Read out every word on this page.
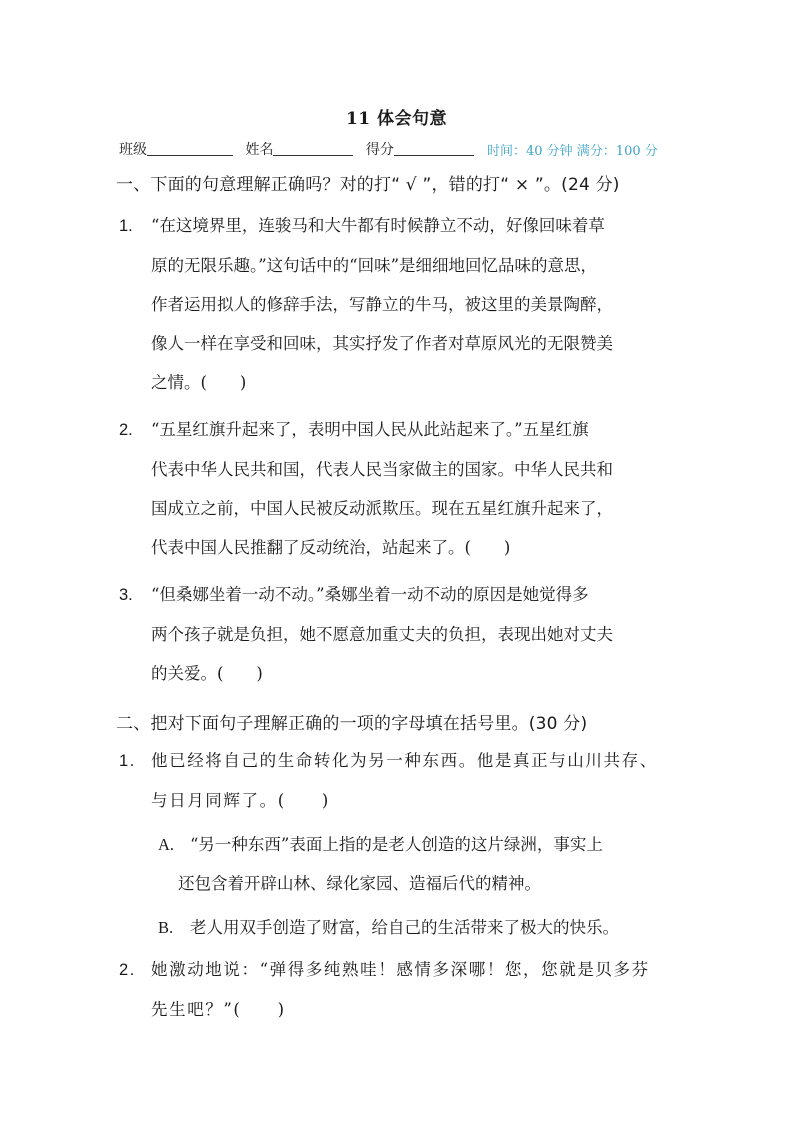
11 体会句意
班级	姓名	得分	时间：40 分钟 满分：100 分
一、下面的句意理解正确吗？对的打“ √ ”，错的打“ × ”。(24 分)
1. “在这境界里，连骏马和大牛都有时候静立不动，好像回味着草
原的无限乐趣。”这句话中的“回味”是细细地回忆品味的意思，
作者运用拟人的修辞手法，写静立的牛马，被这里的美景陶醉，
像人一样在享受和回味，其实抒发了作者对草原风光的无限赞美
之情。(　　)
2. “五星红旗升起来了，表明中国人民从此站起来了。”五星红旗
代表中华人民共和国，代表人民当家做主的国家。中华人民共和
国成立之前，中国人民被反动派欺压。现在五星红旗升起来了，
代表中国人民推翻了反动统治，站起来了。(　　)
3. “但桑娜坐着一动不动。”桑娜坐着一动不动的原因是她觉得多
两个孩子就是负担，她不愿意加重丈夫的负担，表现出她对丈夫
的关爱。(　　)
二、把对下面句子理解正确的一项的字母填在括号里。(30 分)
1. 他已经将自己的生命转化为另一种东西。他是真正与山川共存、
与日月同辉了。(　　)
A. “另一种东西”表面上指的是老人创造的这片绿洲，事实上
还包含着开辟山林、绿化家园、造福后代的精神。
B. 老人用双手创造了财富，给自己的生活带来了极大的快乐。
2. 她激动地说：“弹得多纯熟哇！感情多深哪！您，您就是贝多芬
先生吧？”(　　)
